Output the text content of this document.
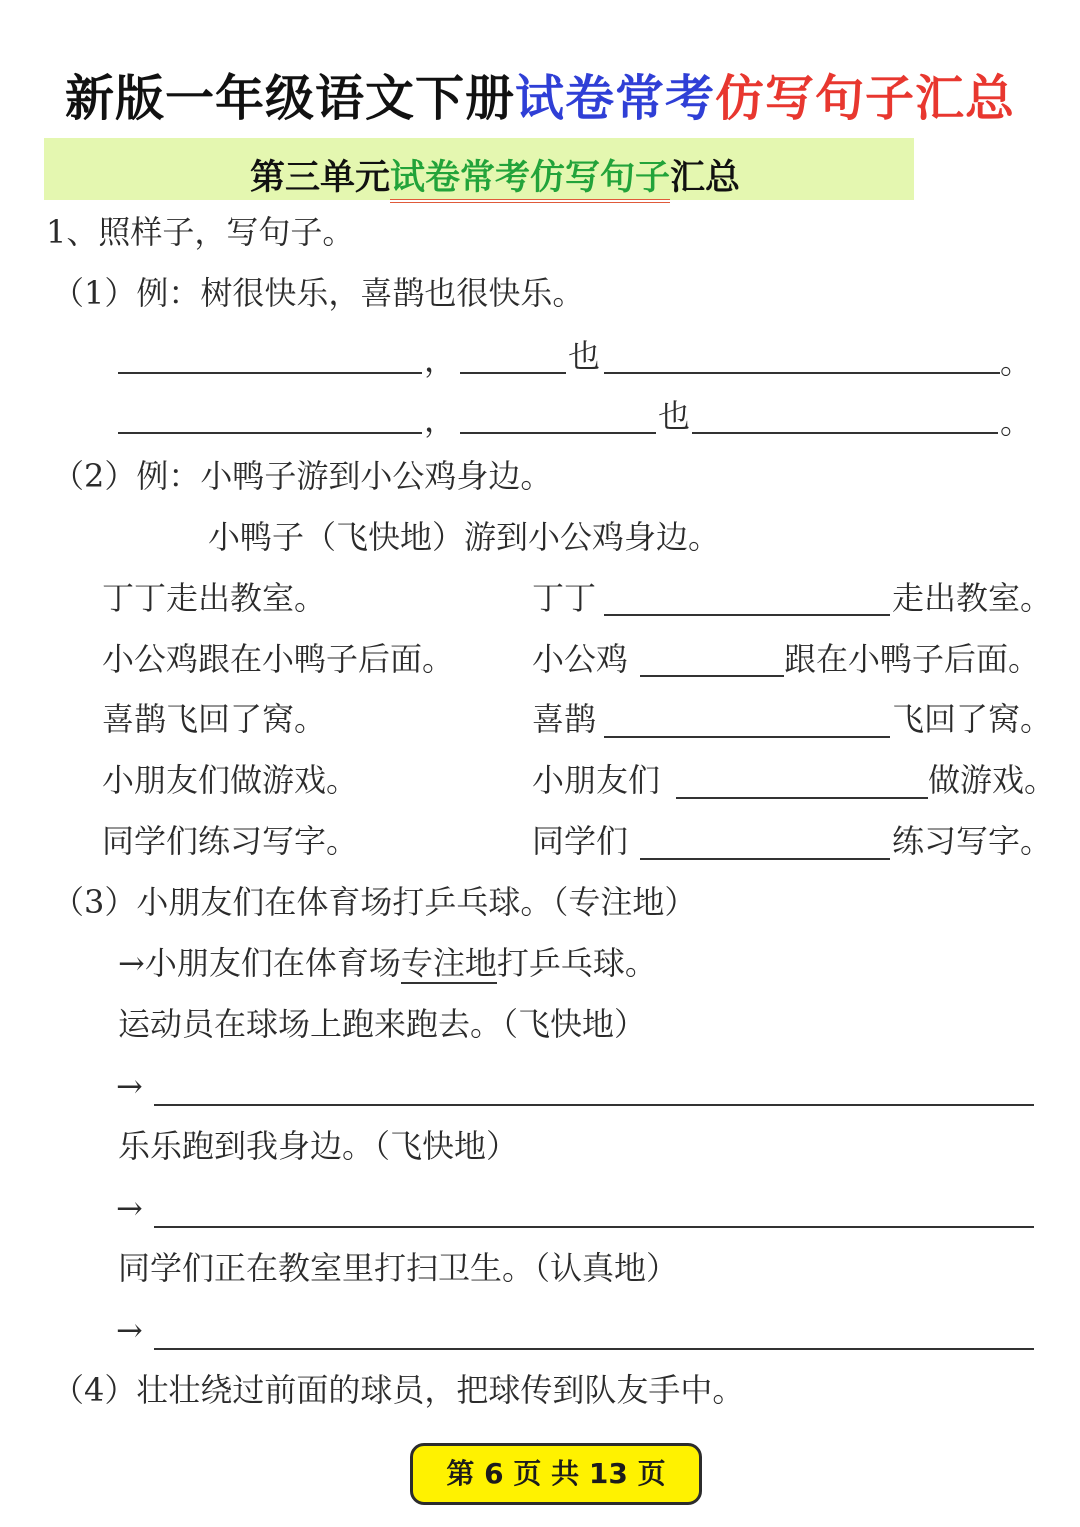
新版一年级语文下册试卷常考仿写句子汇总
第三单元试卷常考仿写句子汇总
1、照样子，写句子。
（1）例：树很快乐，喜鹊也很快乐。
，	也	。
，	也	。
（2）例：小鸭子游到小公鸡身边。
小鸭子（飞快地）游到小公鸡身边。
丁丁走出教室。	丁丁	走出教室。
小公鸡跟在小鸭子后面。 小公鸡	跟在小鸭子后面。
喜鹊飞回了窝。	喜鹊	飞回了窝。
小朋友们做游戏。	小朋友们	做游戏。
同学们练习写字。	同学们	练习写字。
（3）小朋友们在体育场打乒乓球。（专注地）
→小朋友们在体育场专注地打乒乓球。
运动员在球场上跑来跑去。（飞快地）
→
乐乐跑到我身边。（飞快地）
→
同学们正在教室里打扫卫生。（认真地）
→
（4）壮壮绕过前面的球员，把球传到队友手中。
第 6 页 共 13 页
